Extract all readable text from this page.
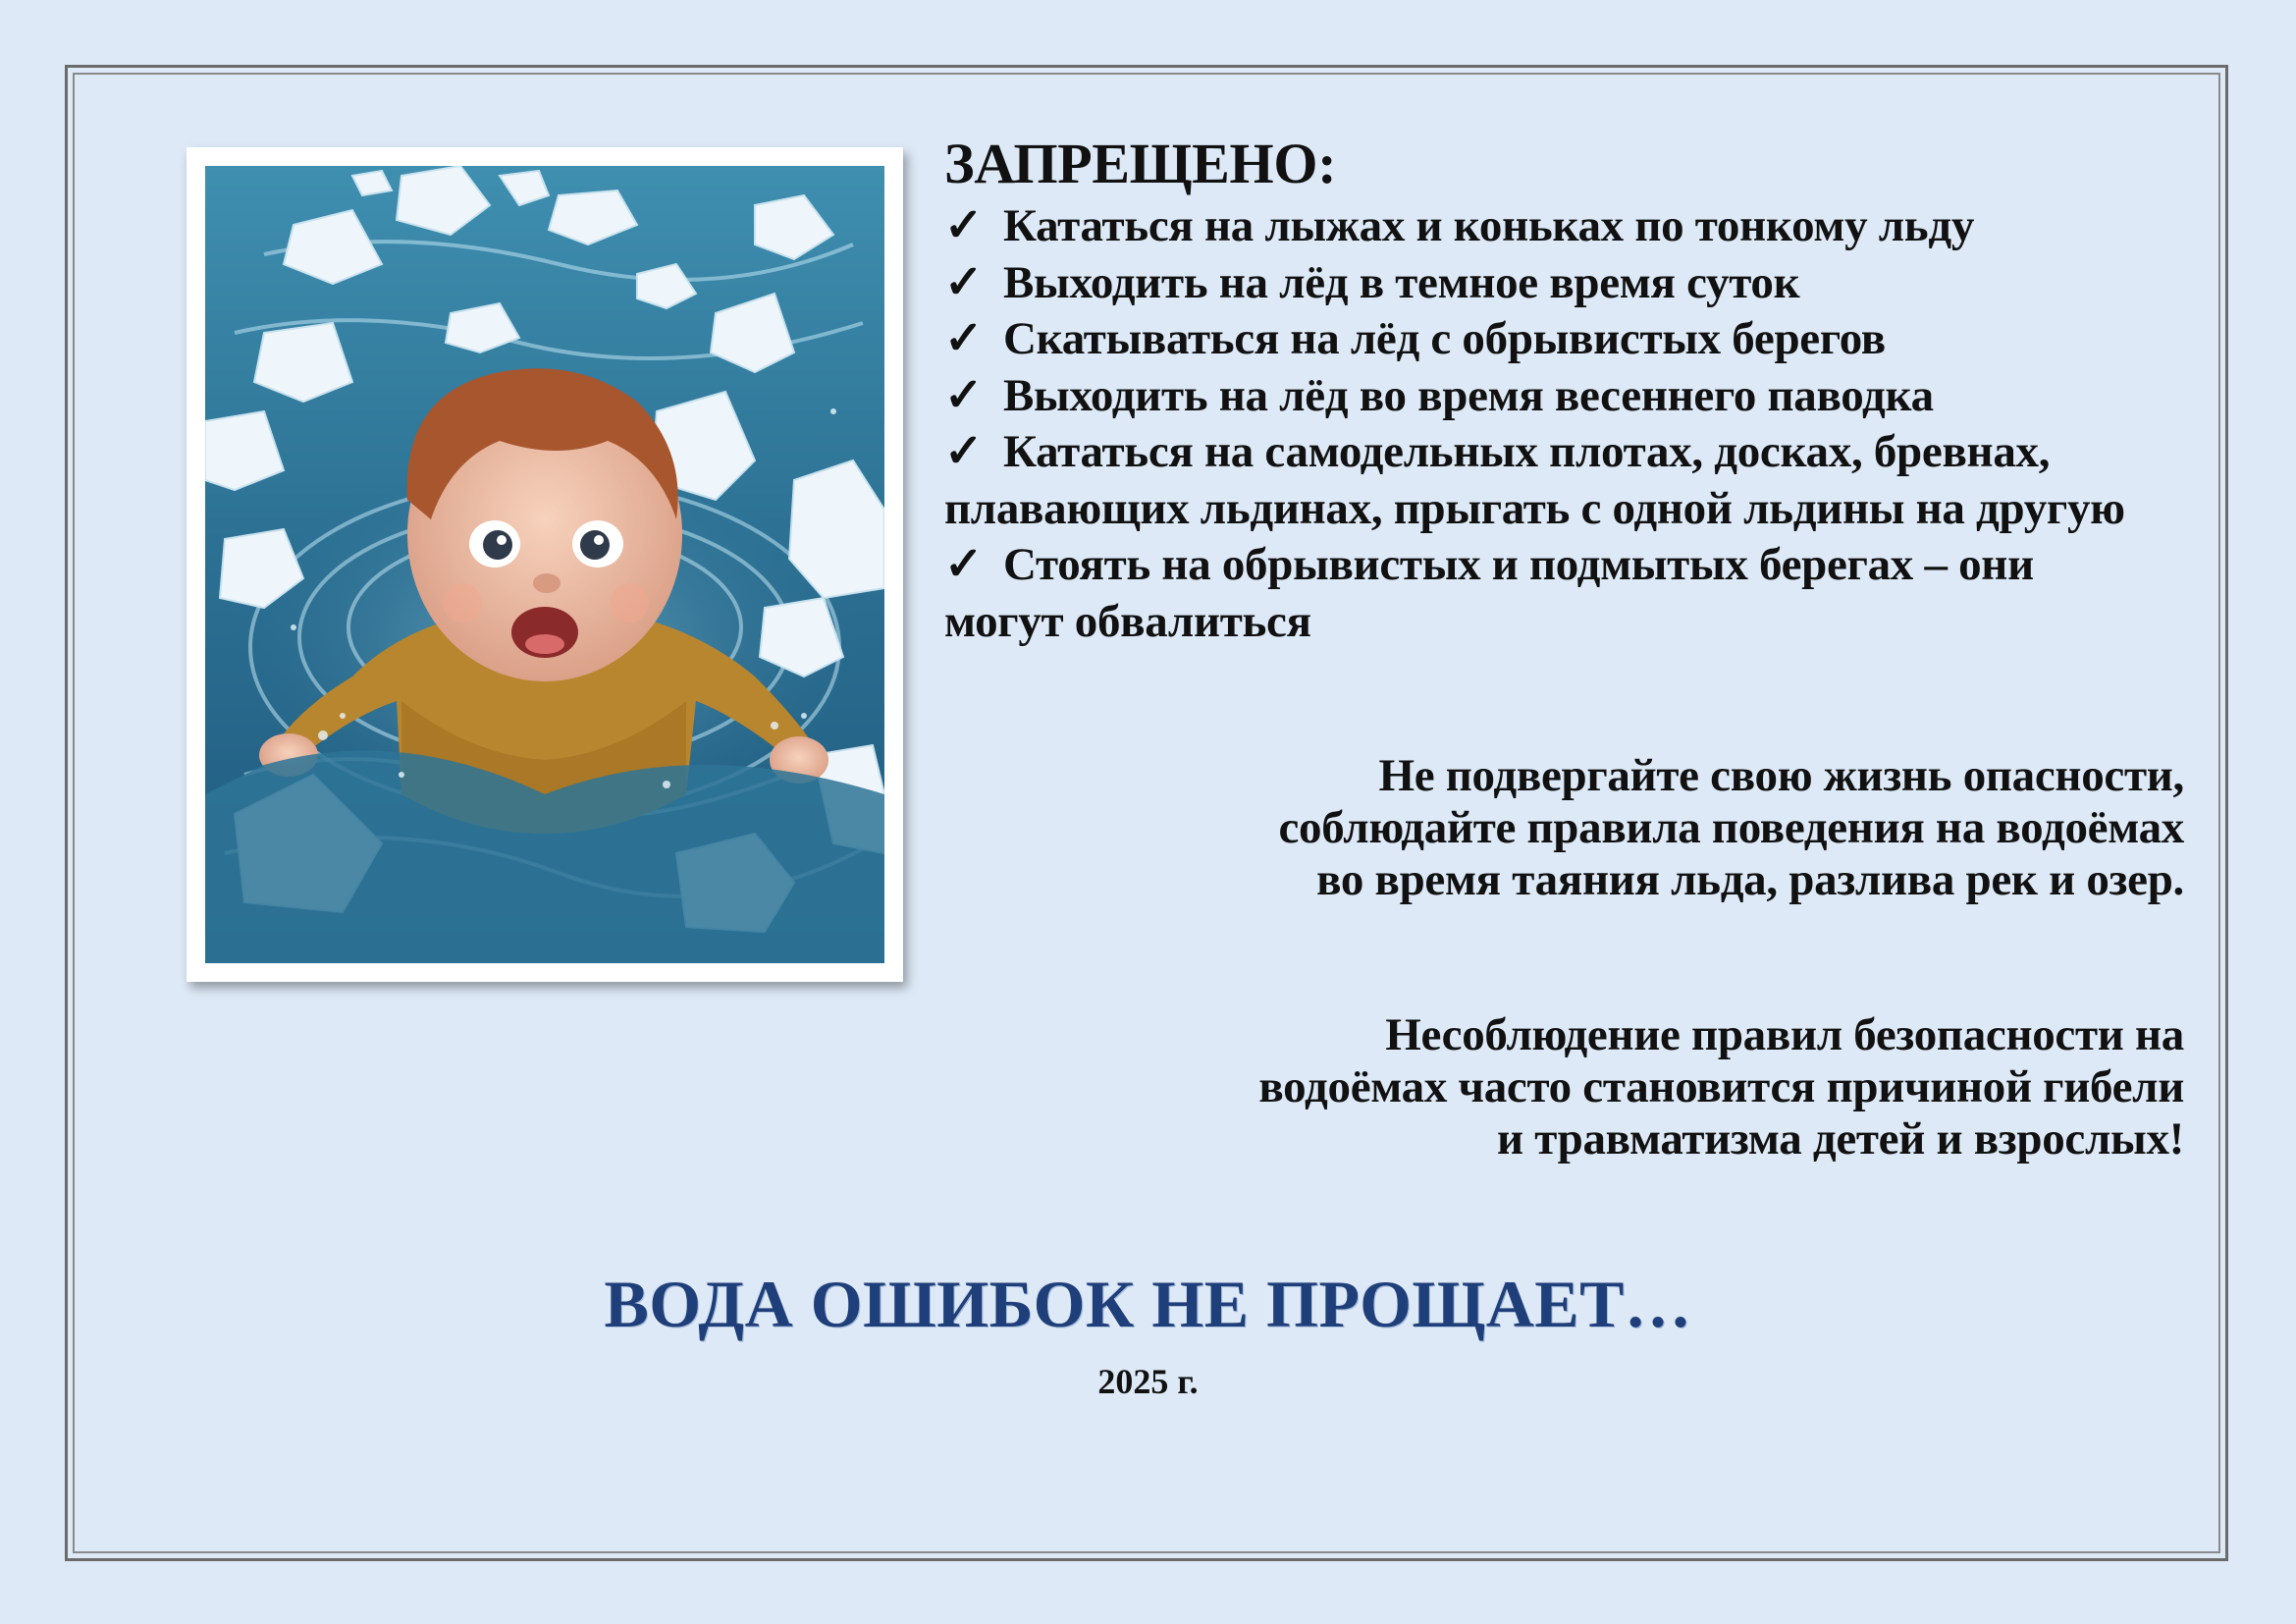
ЗАПРЕЩЕНО:

✓ Кататься на лыжах и коньках по тонкому льду

✓ Выходить на лёд в темное время суток

✓ Скатываться на лёд с обрывистых берегов

✓ Выходить на лёд во время весеннего паводка

✓ Кататься на самодельных плотах, досках, бревнах,

плавающих льдинах, прыгать с одной льдины на другую

✓ Стоять на обрывистых и подмытых берегах – они

могут обвалиться

Не подвергайте свою жизнь опасности,

соблюдайте правила поведения на водоёмах

во время таяния льда, разлива рек и озер.

Несоблюдение правил безопасности на

водоёмах часто становится причиной гибели

и травматизма детей и взрослых!

ВОДА ОШИБОК НЕ ПРОЩАЕТ…
2025 г.
